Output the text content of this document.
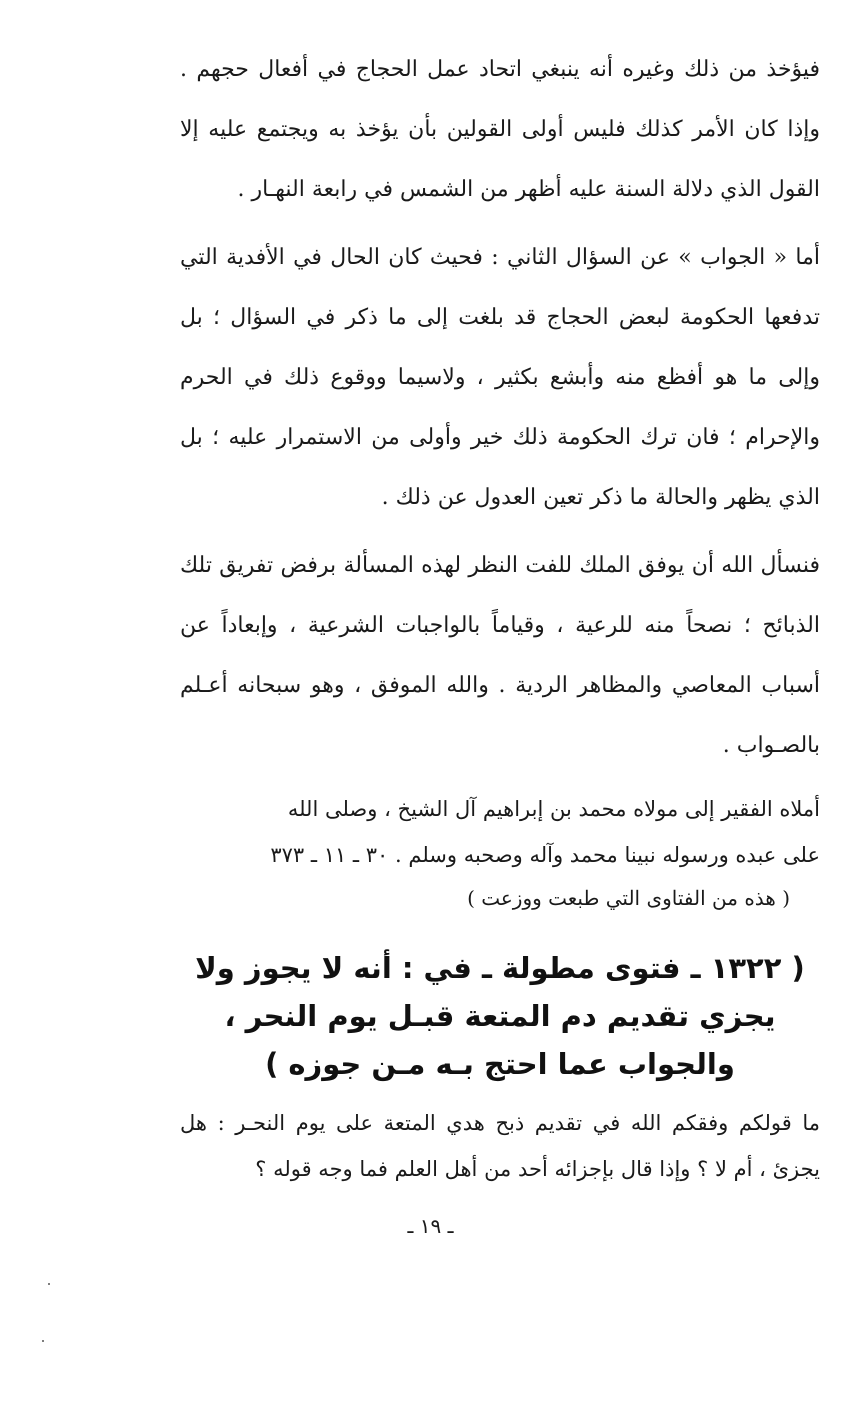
فيؤخذ من ذلك وغيره أنه ينبغي اتحاد عمل الحجاج في أفعال حجهم . وإذا كان الأمر كذلك فليس أولى القولين بأن يؤخذ به ويجتمع عليه إلا القول الذي دلالة السنة عليه أظهر من الشمس في رابعة النهـار .

أما « الجواب » عن السؤال الثاني : فحيث كان الحال في الأفدية التي تدفعها الحكومة لبعض الحجاج قد بلغت إلى ما ذكر في السؤال ؛ بل وإلى ما هو أفظع منه وأبشع بكثير ، ولاسيما ووقوع ذلك في الحرم والإحرام ؛ فان ترك الحكومة ذلك خير وأولى من الاستمرار عليه ؛ بل الذي يظهر والحالة ما ذكر تعين العدول عن ذلك .

فنسأل الله أن يوفق الملك للفت النظر لهذه المسألة برفض تفريق تلك الذبائح ؛ نصحاً منه للرعية ، وقياماً بالواجبات الشرعية ، وإبعاداً عن أسباب المعاصي والمظاهر الردية . والله الموفق ، وهو سبحانه أعـلم بالصـواب .

أملاه الفقير إلى مولاه محمد بن إبراهيم آل الشيخ ، وصلى الله
على عبده ورسوله نبينا محمد وآله وصحبه وسلم . ٣٠ ـ ١١ ـ ٣٧٣
( هذه من الفتاوى التي طبعت ووزعت )
( ١٣٢٢ ـ فتوى مطولة ـ في : أنه لا يجوز ولا يجزي تقديم دم المتعة قبـل يوم النحر ، والجواب عما احتج بـه مـن جوزه )

ما قولكم وفقكم الله في تقديم ذبح هدي المتعة على يوم النحـر : هل يجزئ ، أم لا ؟ وإذا قال بإجزائه أحد من أهل العلم فما وجه قوله ؟

ـ ١٩ ـ
